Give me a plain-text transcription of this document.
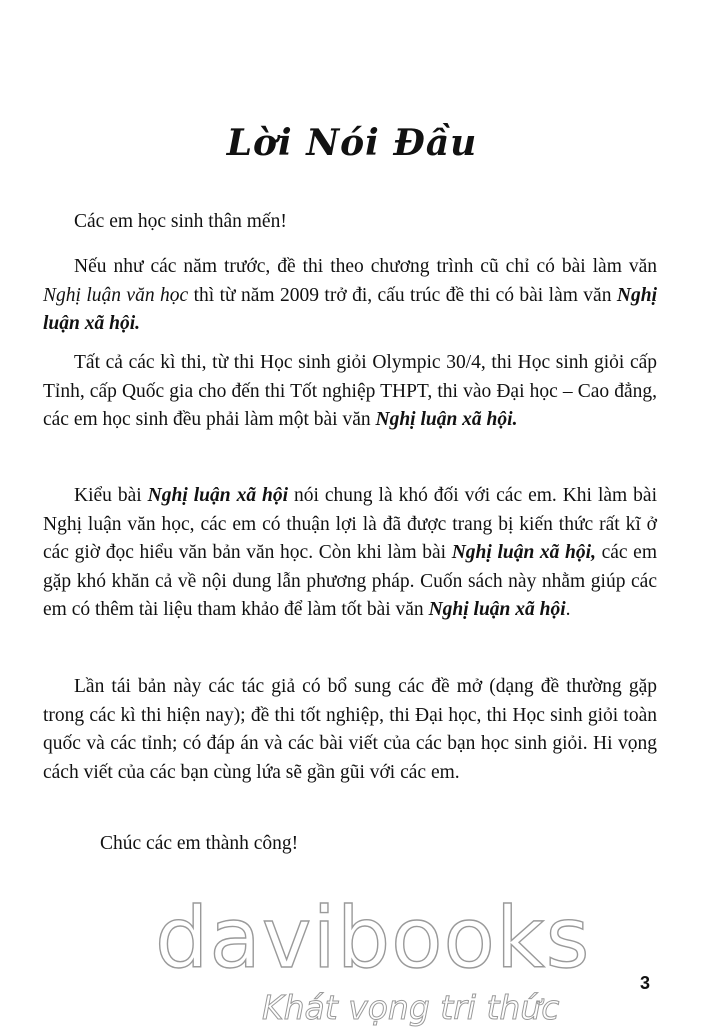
Lời Nói Đầu

Các em học sinh thân mến!

Nếu như các năm trước, đề thi theo chương trình cũ chỉ có bài làm văn Nghị luận văn học thì từ năm 2009 trở đi, cấu trúc đề thi có bài làm văn Nghị luận xã hội.

Tất cả các kì thi, từ thi Học sinh giỏi Olympic 30/4, thi Học sinh giỏi cấp Tỉnh, cấp Quốc gia cho đến thi Tốt nghiệp THPT, thi vào Đại học – Cao đẳng, các em học sinh đều phải làm một bài văn Nghị luận xã hội.

Kiểu bài Nghị luận xã hội nói chung là khó đối với các em. Khi làm bài Nghị luận văn học, các em có thuận lợi là đã được trang bị kiến thức rất kĩ ở các giờ đọc hiểu văn bản văn học. Còn khi làm bài Nghị luận xã hội, các em gặp khó khăn cả về nội dung lẫn phương pháp. Cuốn sách này nhằm giúp các em có thêm tài liệu tham khảo để làm tốt bài văn Nghị luận xã hội.

Lần tái bản này các tác giả có bổ sung các đề mở (dạng đề thường gặp trong các kì thi hiện nay); đề thi tốt nghiệp, thi Đại học, thi Học sinh giỏi toàn quốc và các tỉnh; có đáp án và các bài viết của các bạn học sinh giỏi. Hi vọng cách viết của các bạn cùng lứa sẽ gần gũi với các em.

Chúc các em thành công!

davibooks
Khát vọng tri thức
3
